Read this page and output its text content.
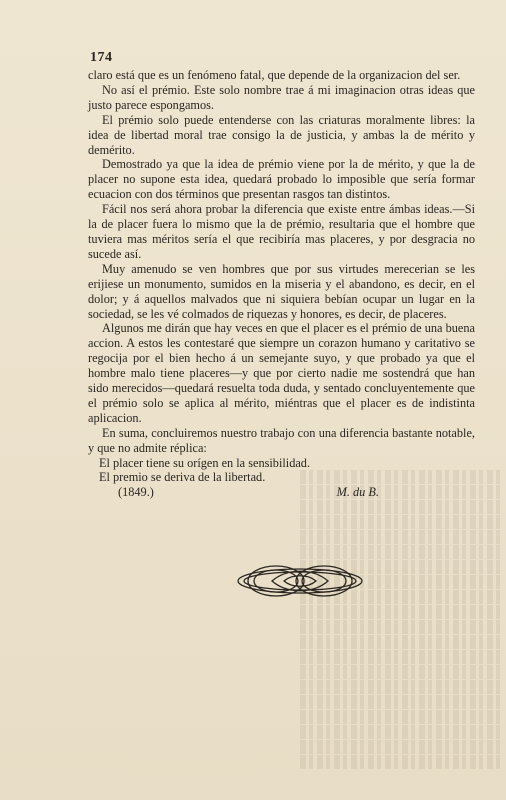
174

claro está que es un fenómeno fatal, que depende de la organizacion del ser.

No así el prémio. Este solo nombre trae á mi imaginacion otras ideas que justo parece espongamos.

El prémio solo puede entenderse con las criaturas moralmente libres: la idea de libertad moral trae consigo la de justicia, y ambas la de mérito y demérito.

Demostrado ya que la idea de prémio viene por la de mérito, y que la de placer no supone esta idea, quedará probado lo imposible que sería formar ecuacion con dos términos que presentan rasgos tan distintos.

Fácil nos será ahora probar la diferencia que existe entre ámbas ideas.—Si la de placer fuera lo mismo que la de prémio, resultaria que el hombre que tuviera mas méritos sería el que recibiría mas placeres, y por desgracia no sucede así.

Muy amenudo se ven hombres que por sus virtudes merecerian se les erijiese un monumento, sumidos en la miseria y el abandono, es decir, en el dolor; y á aquellos malvados que ni siquiera bebían ocupar un lugar en la sociedad, se les vé colmados de riquezas y honores, es decir, de placeres.

Algunos me dirán que hay veces en que el placer es el prémio de una buena accion. A estos les contestaré que siempre un corazon humano y caritativo se regocija por el bien hecho á un semejante suyo, y que probado ya que el hombre malo tiene placeres—y que por cierto nadie me sostendrá que han sido merecidos—quedará resuelta toda duda, y sentado concluyentemente que el prémio solo se aplica al mérito, miéntras que el placer es de indistinta aplicacion.

En suma, concluiremos nuestro trabajo con una diferencia bastante notable, y que no admite réplica:

El placer tiene su orígen en la sensibilidad.

El premio se deriva de la libertad.

(1849.)	M. du B.
